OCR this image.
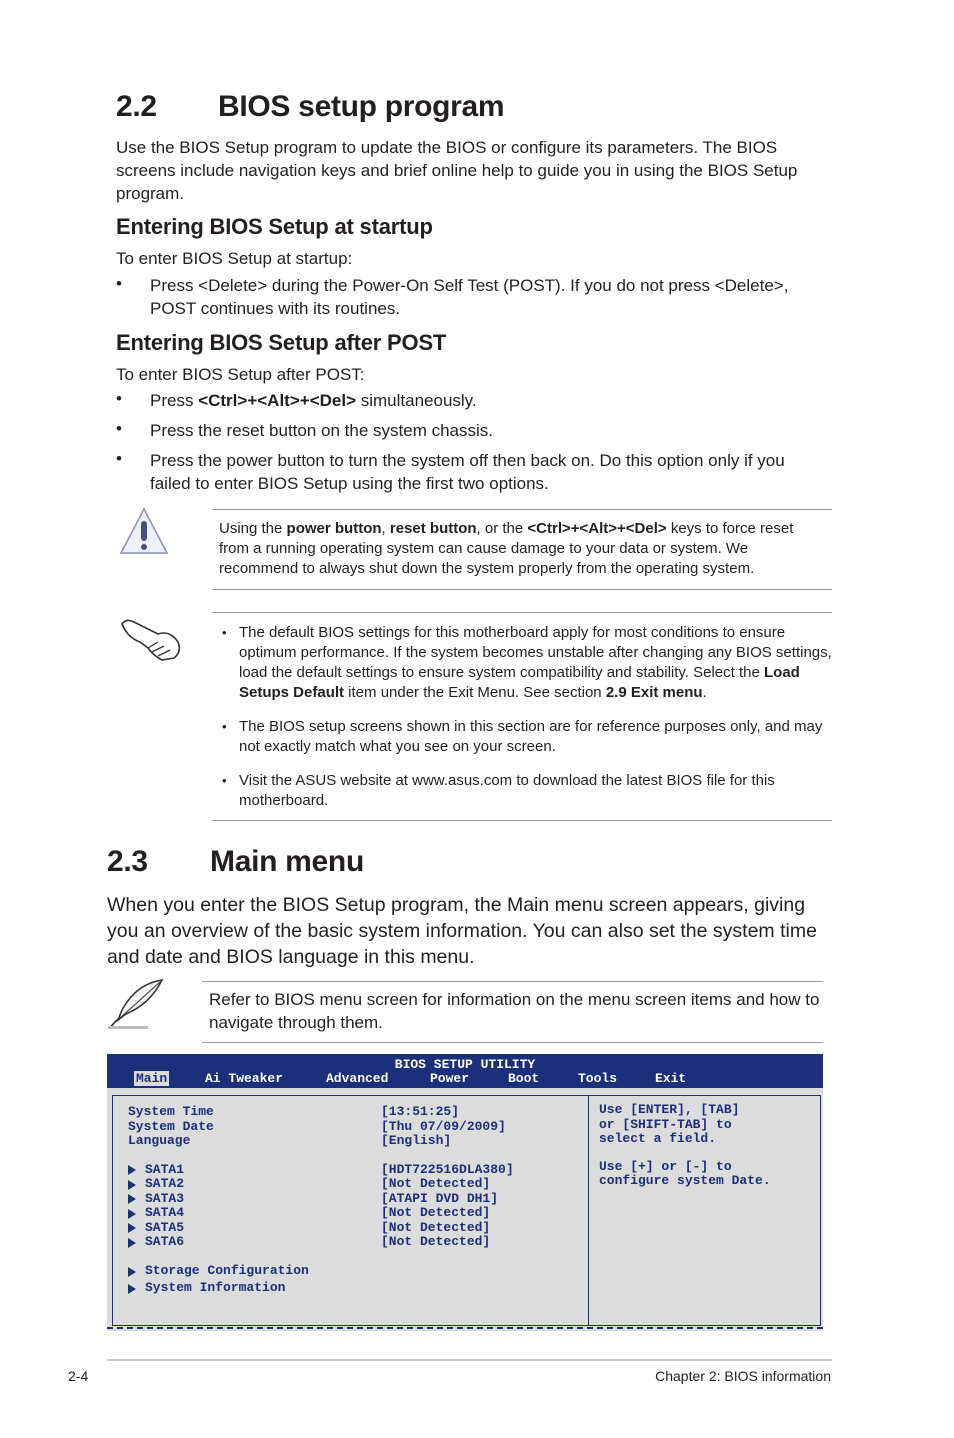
2.2 BIOS setup program
Use the BIOS Setup program to update the BIOS or configure its parameters. The BIOS screens include navigation keys and brief online help to guide you in using the BIOS Setup program.
Entering BIOS Setup at startup
To enter BIOS Setup at startup:
• Press <Delete> during the Power-On Self Test (POST). If you do not press <Delete>, POST continues with its routines.
Entering BIOS Setup after POST
To enter BIOS Setup after POST:
• Press <Ctrl>+<Alt>+<Del> simultaneously.
• Press the reset button on the system chassis.
• Press the power button to turn the system off then back on. Do this option only if you failed to enter BIOS Setup using the first two options.
Using the power button, reset button, or the <Ctrl>+<Alt>+<Del> keys to force reset from a running operating system can cause damage to your data or system. We recommend to always shut down the system properly from the operating system.
• The default BIOS settings for this motherboard apply for most conditions to ensure optimum performance. If the system becomes unstable after changing any BIOS settings, load the default settings to ensure system compatibility and stability. Select the Load Setups Default item under the Exit Menu. See section 2.9 Exit menu.
• The BIOS setup screens shown in this section are for reference purposes only, and may not exactly match what you see on your screen.
• Visit the ASUS website at www.asus.com to download the latest BIOS file for this motherboard.
2.3 Main menu
When you enter the BIOS Setup program, the Main menu screen appears, giving you an overview of the basic system information. You can also set the system time and date and BIOS language in this menu.
Refer to BIOS menu screen for information on the menu screen items and how to navigate through them.
BIOS SETUP UTILITY
Main	Ai Tweaker	Advanced	Power	Boot	Tools	Exit
System Time	[13:51:25]
System Date	[Thu 07/09/2009]
Language	[English]
SATA1	[HDT722516DLA380]
SATA2	[Not Detected]
SATA3	[ATAPI DVD DH1]
SATA4	[Not Detected]
SATA5	[Not Detected]
SATA6	[Not Detected]
Storage Configuration
System Information
Use [ENTER], [TAB]
or [SHIFT-TAB] to
select a field.
Use [+] or [-] to
configure system Date.
2-4	Chapter 2: BIOS information
